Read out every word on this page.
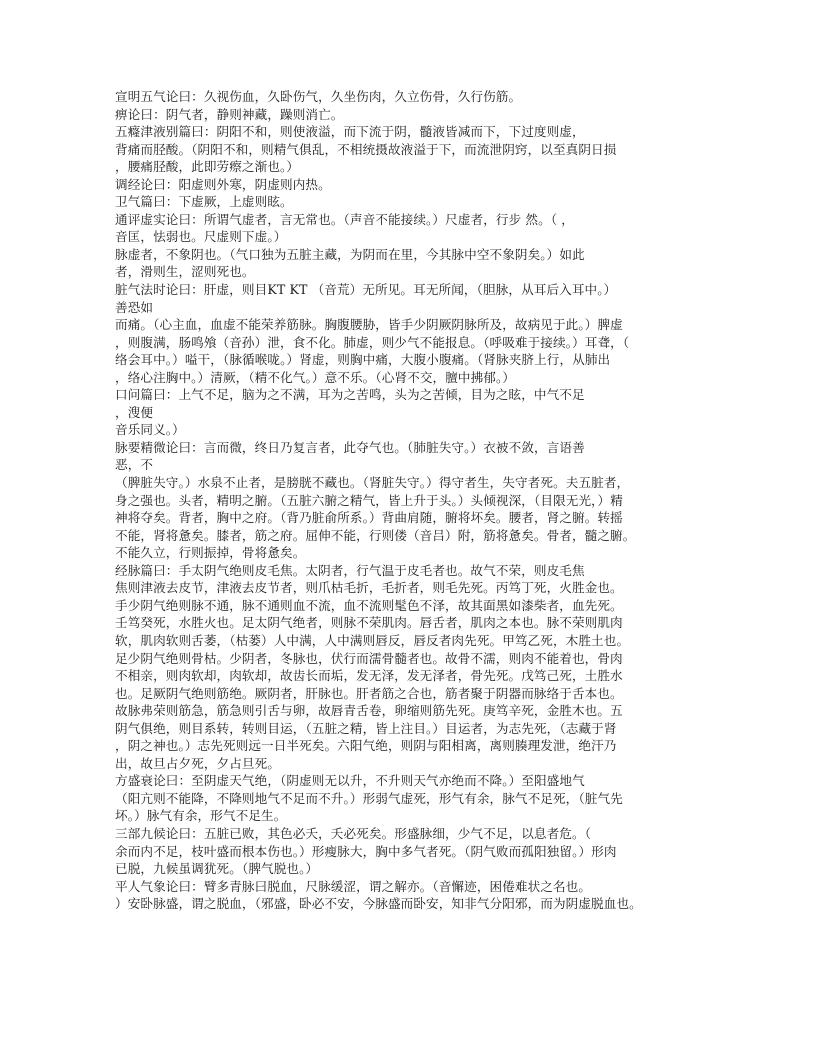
宣明五气论曰：久视伤血，久卧伤气，久坐伤肉，久立伤骨，久行伤筋。
痹论曰：阴气者，静则神藏，躁则消亡。
五癃津液别篇曰：阴阳不和，则使液溢，而下流于阴，髓液皆减而下，下过度则虚，
背痛而胫酸。（阴阳不和，则精气俱乱，不相统摄故液溢于下，而流泄阴窍，以至真阴日损
，腰痛胫酸，此即劳瘵之渐也。）
调经论曰：阳虚则外寒，阴虚则内热。
卫气篇曰：下虚厥，上虚则眩。
通评虚实论曰：所谓气虚者，言无常也。（声音不能接续。）尺虚者，行步 然。（ ，
音匡，怯弱也。尺虚则下虚。）
脉虚者，不象阴也。（气口独为五脏主藏，为阴而在里，今其脉中空不象阴矣。）如此
者，滑则生，涩则死也。
脏气法时论曰：肝虚，则目KT KT （音荒）无所见。耳无所闻，（胆脉，从耳后入耳中。）
善恐如
而痛。（心主血，血虚不能荣养筋脉。胸腹腰胁，皆手少阴厥阴脉所及，故病见于此。）脾虚
，则腹满，肠鸣飧（音孙）泄，食不化。肺虚，则少气不能报息。（呼吸难于接续。）耳聋，（
络会耳中。）嗌干，（脉循喉咙。）肾虚，则胸中痛，大腹小腹痛。（肾脉夹脐上行，从肺出
，络心注胸中。）清厥，（精不化气。）意不乐。（心肾不交，膻中拂郁。）
口问篇曰：上气不足，脑为之不满，耳为之苦鸣，头为之苦倾，目为之眩，中气不足
，溲便
音乐同义。）
脉要精微论曰：言而微，终日乃复言者，此夺气也。（肺脏失守。）衣被不敛，言语善
恶，不
（脾脏失守。）水泉不止者，是膀胱不藏也。（肾脏失守。）得守者生，失守者死。夫五脏者，
身之强也。头者，精明之腑。（五脏六腑之精气，皆上升于头。）头倾视深，（目限无光，）精
神将夺矣。背者，胸中之府。（背乃脏俞所系。）背曲肩随，腑将坏矣。腰者，肾之腑。转摇
不能，肾将惫矣。膝者，筋之府。屈伸不能，行则偻（音吕）附，筋将惫矣。骨者，髓之腑。
不能久立，行则振掉，骨将惫矣。
经脉篇曰：手太阴气绝则皮毛焦。太阴者，行气温于皮毛者也。故气不荣，则皮毛焦
焦则津液去皮节，津液去皮节者，则爪枯毛折，毛折者，则毛先死。丙笃丁死，火胜金也。
手少阴气绝则脉不通，脉不通则血不流，血不流则髦色不泽，故其面黑如漆柴者，血先死。
壬笃癸死，水胜火也。足太阴气绝者，则脉不荣肌肉。唇舌者，肌肉之本也。脉不荣则肌肉
软，肌肉软则舌萎，（枯蒌）人中满，人中满则唇反，唇反者肉先死。甲笃乙死，木胜土也。
足少阴气绝则骨枯。少阴者，冬脉也，伏行而濡骨髓者也。故骨不濡，则肉不能着也，骨肉
不相亲，则肉软却，肉软却，故齿长而垢，发无泽，发无泽者，骨先死。戊笃己死，土胜水
也。足厥阴气绝则筋绝。厥阴者，肝脉也。肝者筋之合也，筋者聚于阴器而脉络于舌本也。
故脉弗荣则筋急，筋急则引舌与卵，故唇青舌卷，卵缩则筋先死。庚笃辛死，金胜木也。五
阴气俱绝，则目系转，转则目运，（五脏之精，皆上注目。）目运者，为志先死，（志藏于肾
，阴之神也。）志先死则远一日半死矣。六阳气绝，则阴与阳相离，离则腠理发泄，绝汗乃
出，故旦占夕死，夕占旦死。
方盛衰论曰：至阴虚天气绝，（阴虚则无以升，不升则天气亦绝而不降。）至阳盛地气
（阳亢则不能降，不降则地气不足而不升。）形弱气虚死，形气有余，脉气不足死，（脏气先
坏。）脉气有余，形气不足生。
三部九候论曰：五脏已败，其色必夭，夭必死矣。形盛脉细，少气不足，以息者危。（
余而内不足，枝叶盛而根本伤也。）形瘦脉大，胸中多气者死。（阴气败而孤阳独留。）形肉
已脱，九候虽调犹死。（脾气脱也。）
平人气象论曰：臂多青脉曰脱血，尺脉缓涩，谓之解亦。（音懈迹，困倦难状之名也。
）安卧脉盛，谓之脱血，（邪盛，卧必不安，今脉盛而卧安，知非气分阳邪，而为阴虚脱血也。
